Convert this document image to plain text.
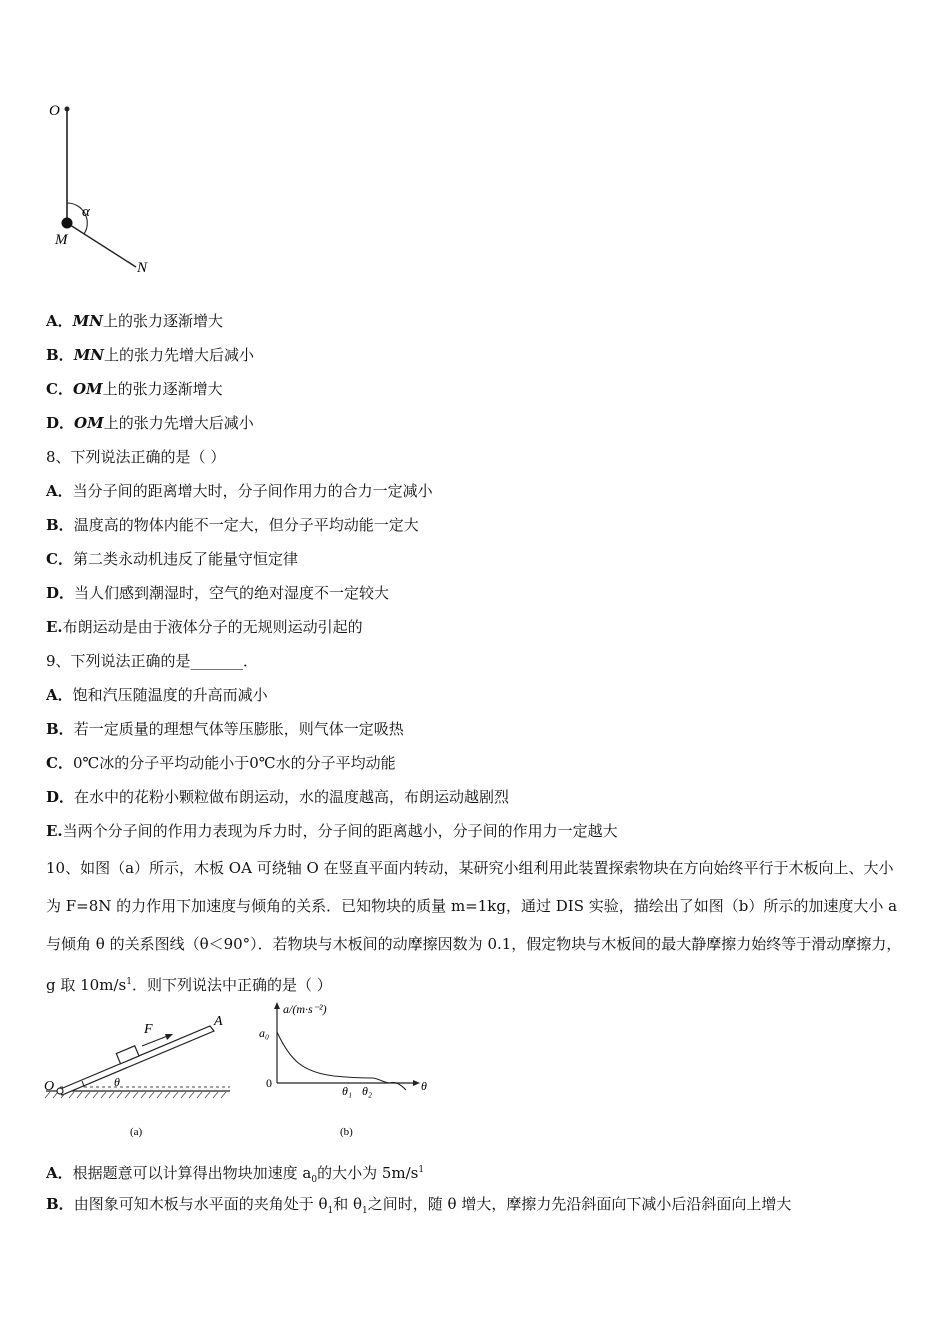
O
α
M
N
A．MN上的张力逐渐增大
B．MN上的张力先增大后减小
C．OM上的张力逐渐增大
D．OM上的张力先增大后减小
8、下列说法正确的是（ ）
A．当分子间的距离增大时，分子间作用力的合力一定减小
B．温度高的物体内能不一定大，但分子平均动能一定大
C．第二类永动机违反了能量守恒定律
D．当人们感到潮湿时，空气的绝对湿度不一定较大
E.布朗运动是由于液体分子的无规则运动引起的
9、下列说法正确的是_______．
A．饱和汽压随温度的升高而减小
B．若一定质量的理想气体等压膨胀，则气体一定吸热
C．0℃冰的分子平均动能小于0℃水的分子平均动能
D．在水中的花粉小颗粒做布朗运动，水的温度越高，布朗运动越剧烈
E.当两个分子间的作用力表现为斥力时，分子间的距离越小，分子间的作用力一定越大
10、如图（a）所示，木板 OA 可绕轴 O 在竖直平面内转动，某研究小组利用此装置探索物块在方向始终平行于木板向上、大小为 F=8N 的力作用下加速度与倾角的关系．已知物块的质量 m=1kg，通过 DIS 实验，描绘出了如图（b）所示的加速度大小 a 与倾角 θ 的关系图线（θ＜90°）．若物块与木板间的动摩擦因数为 0.1，假定物块与木板间的最大静摩擦力始终等于滑动摩擦力，g 取 $10m/s^1$．则下列说法中正确的是（ ）
F
A
O	θ
(a)
a/(m·s⁻²)
a₀
0
θ₁ θ₂	θ
(b)
A．根据题意可以计算得出物块加速度 $a_0$的大小为 $5m/s^1$
B．由图象可知木板与水平面的夹角处于 $\theta_1$和 $\theta_1$之间时，随 θ 增大，摩擦力先沿斜面向下减小后沿斜面向上增大
